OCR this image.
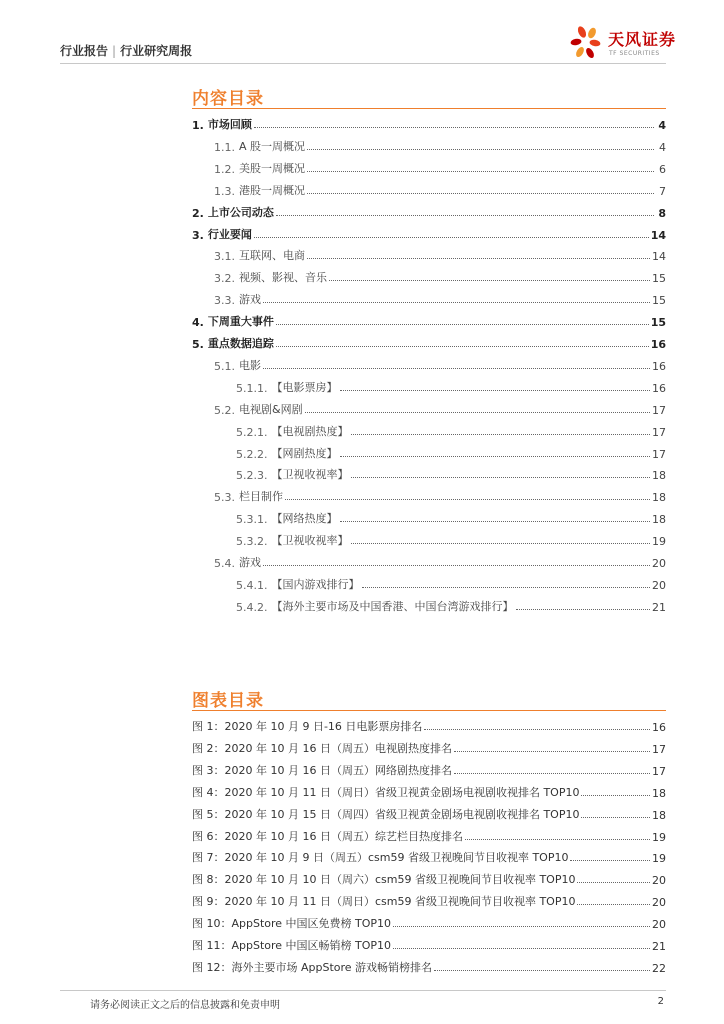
行业报告 | 行业研究周报
天风证券
TF SECURITIES
内容目录
1. 市场回顾	4
1.1. A 股一周概况	4
1.2. 美股一周概况	6
1.3. 港股一周概况	7
2. 上市公司动态	8
3. 行业要闻	14
3.1. 互联网、电商	14
3.2. 视频、影视、音乐	15
3.3. 游戏	15
4. 下周重大事件	15
5. 重点数据追踪	16
5.1. 电影	16
5.1.1. 【电影票房】	16
5.2. 电视剧&网剧	17
5.2.1. 【电视剧热度】	17
5.2.2. 【网剧热度】	17
5.2.3. 【卫视收视率】	18
5.3. 栏目制作	18
5.3.1. 【网络热度】	18
5.3.2. 【卫视收视率】	19
5.4. 游戏	20
5.4.1. 【国内游戏排行】	20
5.4.2. 【海外主要市场及中国香港、中国台湾游戏排行】	21
图表目录
图 1：2020 年 10 月 9 日-16 日电影票房排名	16
图 2：2020 年 10 月 16 日（周五）电视剧热度排名	17
图 3：2020 年 10 月 16 日（周五）网络剧热度排名	17
图 4：2020 年 10 月 11 日（周日）省级卫视黄金剧场电视剧收视排名 TOP10	18
图 5：2020 年 10 月 15 日（周四）省级卫视黄金剧场电视剧收视排名 TOP10	18
图 6：2020 年 10 月 16 日（周五）综艺栏目热度排名	19
图 7：2020 年 10 月 9 日（周五）csm59 省级卫视晚间节目收视率 TOP10	19
图 8：2020 年 10 月 10 日（周六）csm59 省级卫视晚间节目收视率 TOP10	20
图 9：2020 年 10 月 11 日（周日）csm59 省级卫视晚间节目收视率 TOP10	20
图 10：AppStore 中国区免费榜 TOP10	20
图 11：AppStore 中国区畅销榜 TOP10	21
图 12：海外主要市场 AppStore 游戏畅销榜排名	22
请务必阅读正文之后的信息披露和免责申明	2
